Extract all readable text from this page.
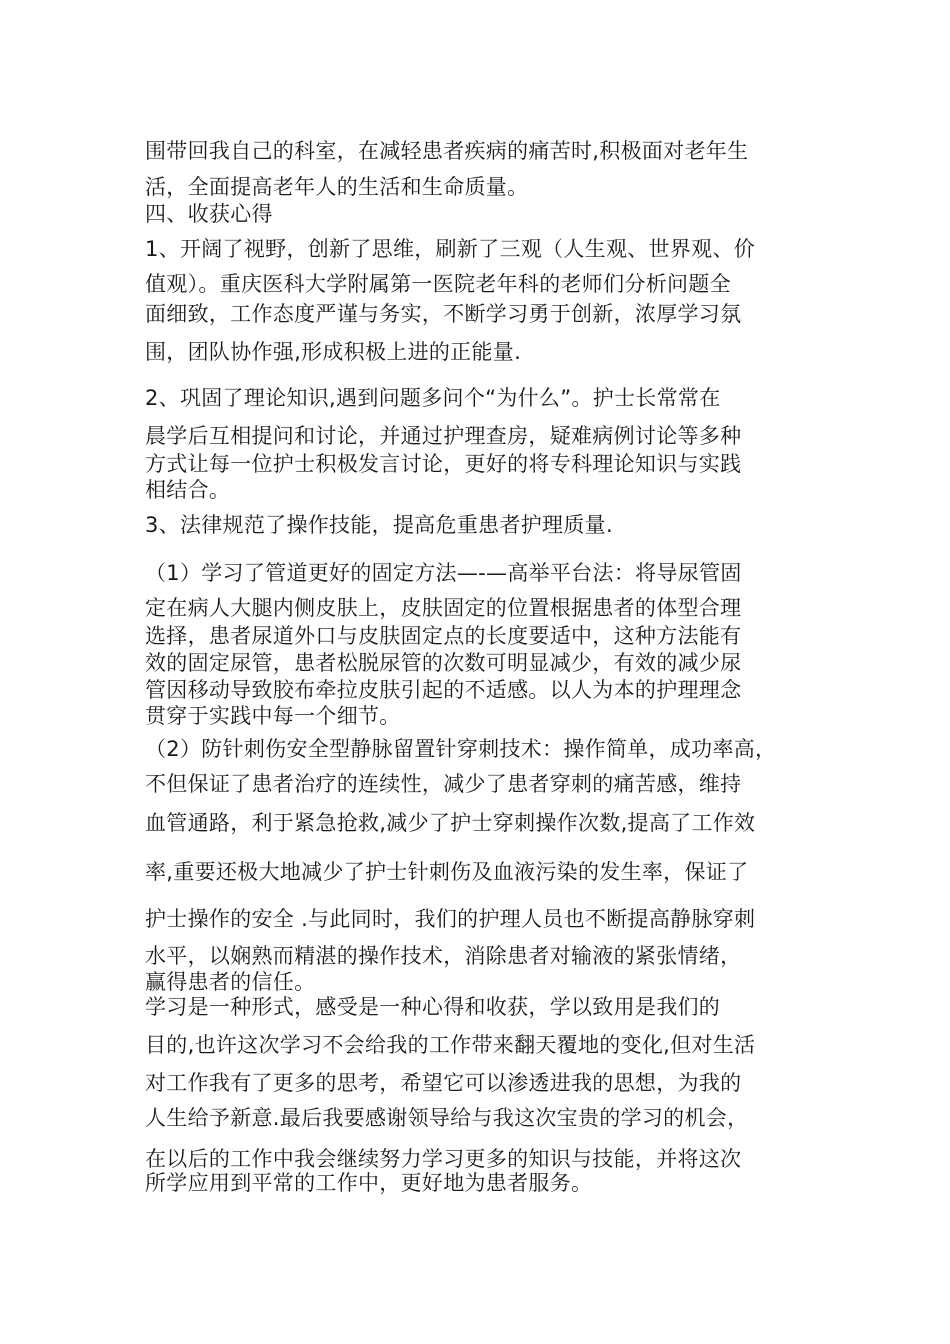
围带回我自己的科室，在减轻患者疾病的痛苦时,积极面对老年生
活，全面提高老年人的生活和生命质量。
四、收获心得
1、开阔了视野，创新了思维，刷新了三观（人生观、世界观、价
值观）。重庆医科大学附属第一医院老年科的老师们分析问题全
面细致，工作态度严谨与务实，不断学习勇于创新，浓厚学习氛
围，团队协作强,形成积极上进的正能量.
2、巩固了理论知识,遇到问题多问个“为什么”。护士长常常在
晨学后互相提问和讨论，并通过护理查房，疑难病例讨论等多种
方式让每一位护士积极发言讨论，更好的将专科理论知识与实践
相结合。
3、法律规范了操作技能，提高危重患者护理质量.
（1）学习了管道更好的固定方法—-—高举平台法：将导尿管固
定在病人大腿内侧皮肤上，皮肤固定的位置根据患者的体型合理
选择，患者尿道外口与皮肤固定点的长度要适中，这种方法能有
效的固定尿管，患者松脱尿管的次数可明显减少，有效的减少尿
管因移动导致胶布牵拉皮肤引起的不适感。以人为本的护理理念
贯穿于实践中每一个细节。
（2）防针刺伤安全型静脉留置针穿刺技术：操作简单，成功率高，
不但保证了患者治疗的连续性，减少了患者穿刺的痛苦感，维持
血管通路，利于紧急抢救,减少了护士穿刺操作次数,提高了工作效
率,重要还极大地减少了护士针刺伤及血液污染的发生率，保证了
护士操作的安全 .与此同时，我们的护理人员也不断提高静脉穿刺
水平，以娴熟而精湛的操作技术，消除患者对输液的紧张情绪，
赢得患者的信任。
学习是一种形式，感受是一种心得和收获，学以致用是我们的
目的,也许这次学习不会给我的工作带来翻天覆地的变化,但对生活
对工作我有了更多的思考，希望它可以渗透进我的思想，为我的
人生给予新意.最后我要感谢领导给与我这次宝贵的学习的机会，
在以后的工作中我会继续努力学习更多的知识与技能，并将这次
所学应用到平常的工作中，更好地为患者服务。
